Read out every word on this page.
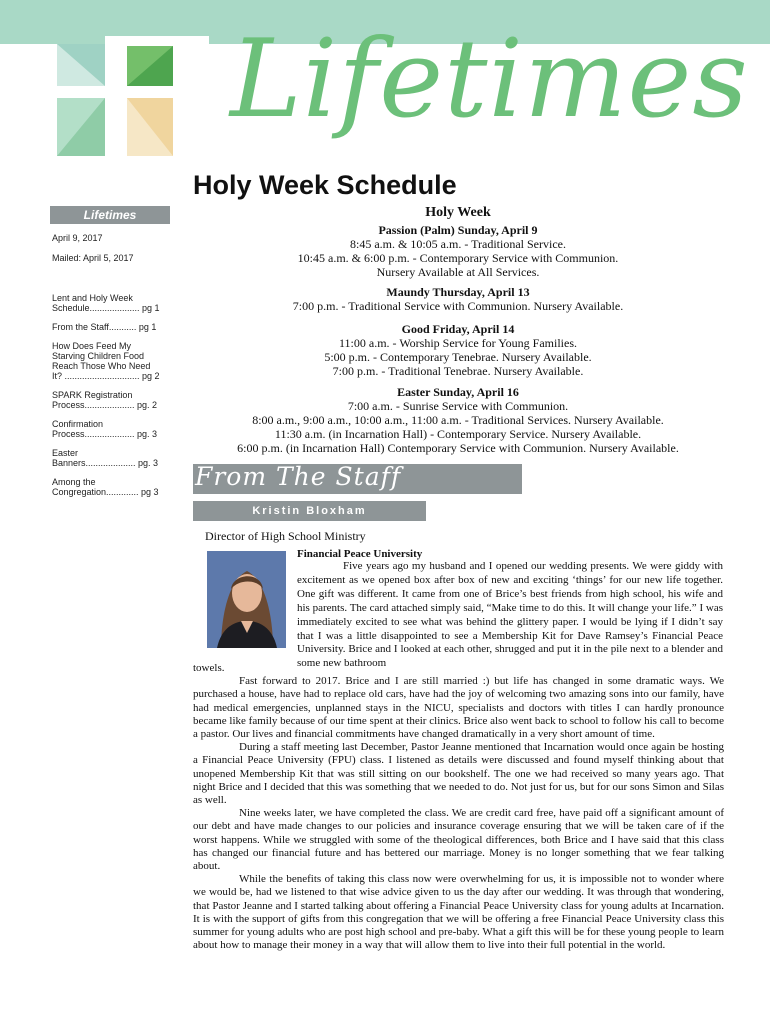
Lifetimes
Holy Week Schedule
Lifetimes
April 9, 2017
Mailed: April 5, 2017
Lent and Holy Week
Schedule.................... pg 1
From the Staff........... pg 1
How Does Feed My
Starving Children Food
Reach Those Who Need
It? .............................. pg 2
SPARK Registration
Process.................... pg. 2
Confirmation
Process.................... pg. 3
Easter
Banners.................... pg. 3
Among the
Congregation............. pg 3
Holy Week
Passion (Palm) Sunday, April 9
8:45 a.m. & 10:05 a.m. - Traditional Service.
10:45 a.m. & 6:00 p.m. - Contemporary Service with Communion.
Nursery Available at All Services.
Maundy Thursday, April 13
7:00 p.m. - Traditional Service with Communion. Nursery Available.
Good Friday, April 14
11:00 a.m. - Worship Service for Young Families.
5:00 p.m. - Contemporary Tenebrae. Nursery Available.
7:00 p.m. - Traditional Tenebrae. Nursery Available.
Easter Sunday, April 16
7:00 a.m. - Sunrise Service with Communion.
8:00 a.m., 9:00 a.m., 10:00 a.m., 11:00 a.m. - Traditional Services. Nursery Available.
11:30 a.m. (in Incarnation Hall) - Contemporary Service. Nursery Available.
6:00 p.m. (in Incarnation Hall) Contemporary Service with Communion. Nursery Available.
From The Staff
Kristin Bloxham
Director of High School Ministry
Financial Peace University
Five years ago my husband and I opened our wedding presents. We were giddy with excitement as we opened box after box of new and exciting ‘things’ for our new life together. One gift was different. It came from one of Brice’s best friends from high school, his wife and his parents. The card attached simply said, “Make time to do this. It will change your life.” I was immediately excited to see what was behind the glittery paper. I would be lying if I didn’t say that I was a little disappointed to see a Membership Kit for Dave Ramsey’s Financial Peace University. Brice and I looked at each other, shrugged and put it in the pile next to a blender and some new bathroom

towels.

Fast forward to 2017. Brice and I are still married :) but life has changed in some dramatic ways. We purchased a house, have had to replace old cars, have had the joy of welcoming two amazing sons into our family, have had medical emergencies, unplanned stays in the NICU, specialists and doctors with titles I can hardly pronounce became like family because of our time spent at their clinics. Brice also went back to school to follow his call to become a pastor. Our lives and financial commitments have changed dramatically in a very short amount of time.

During a staff meeting last December, Pastor Jeanne mentioned that Incarnation would once again be hosting a Financial Peace University (FPU) class. I listened as details were discussed and found myself thinking about that unopened Membership Kit that was still sitting on our bookshelf. The one we had received so many years ago. That night Brice and I decided that this was something that we needed to do. Not just for us, but for our sons Simon and Silas as well.

Nine weeks later, we have completed the class. We are credit card free, have paid off a significant amount of our debt and have made changes to our policies and insurance coverage ensuring that we will be taken care of if the worst happens. While we struggled with some of the theological differences, both Brice and I have said that this class has changed our financial future and has bettered our marriage. Money is no longer something that we fear talking about.

While the benefits of taking this class now were overwhelming for us, it is impossible not to wonder where we would be, had we listened to that wise advice given to us the day after our wedding. It was through that wondering, that Pastor Jeanne and I started talking about offering a Financial Peace University class for young adults at Incarnation. It is with the support of gifts from this congregation that we will be offering a free Financial Peace University class this summer for young adults who are post high school and pre-baby. What a gift this will be for these young people to learn about how to manage their money in a way that will allow them to live into their full potential in the world.
